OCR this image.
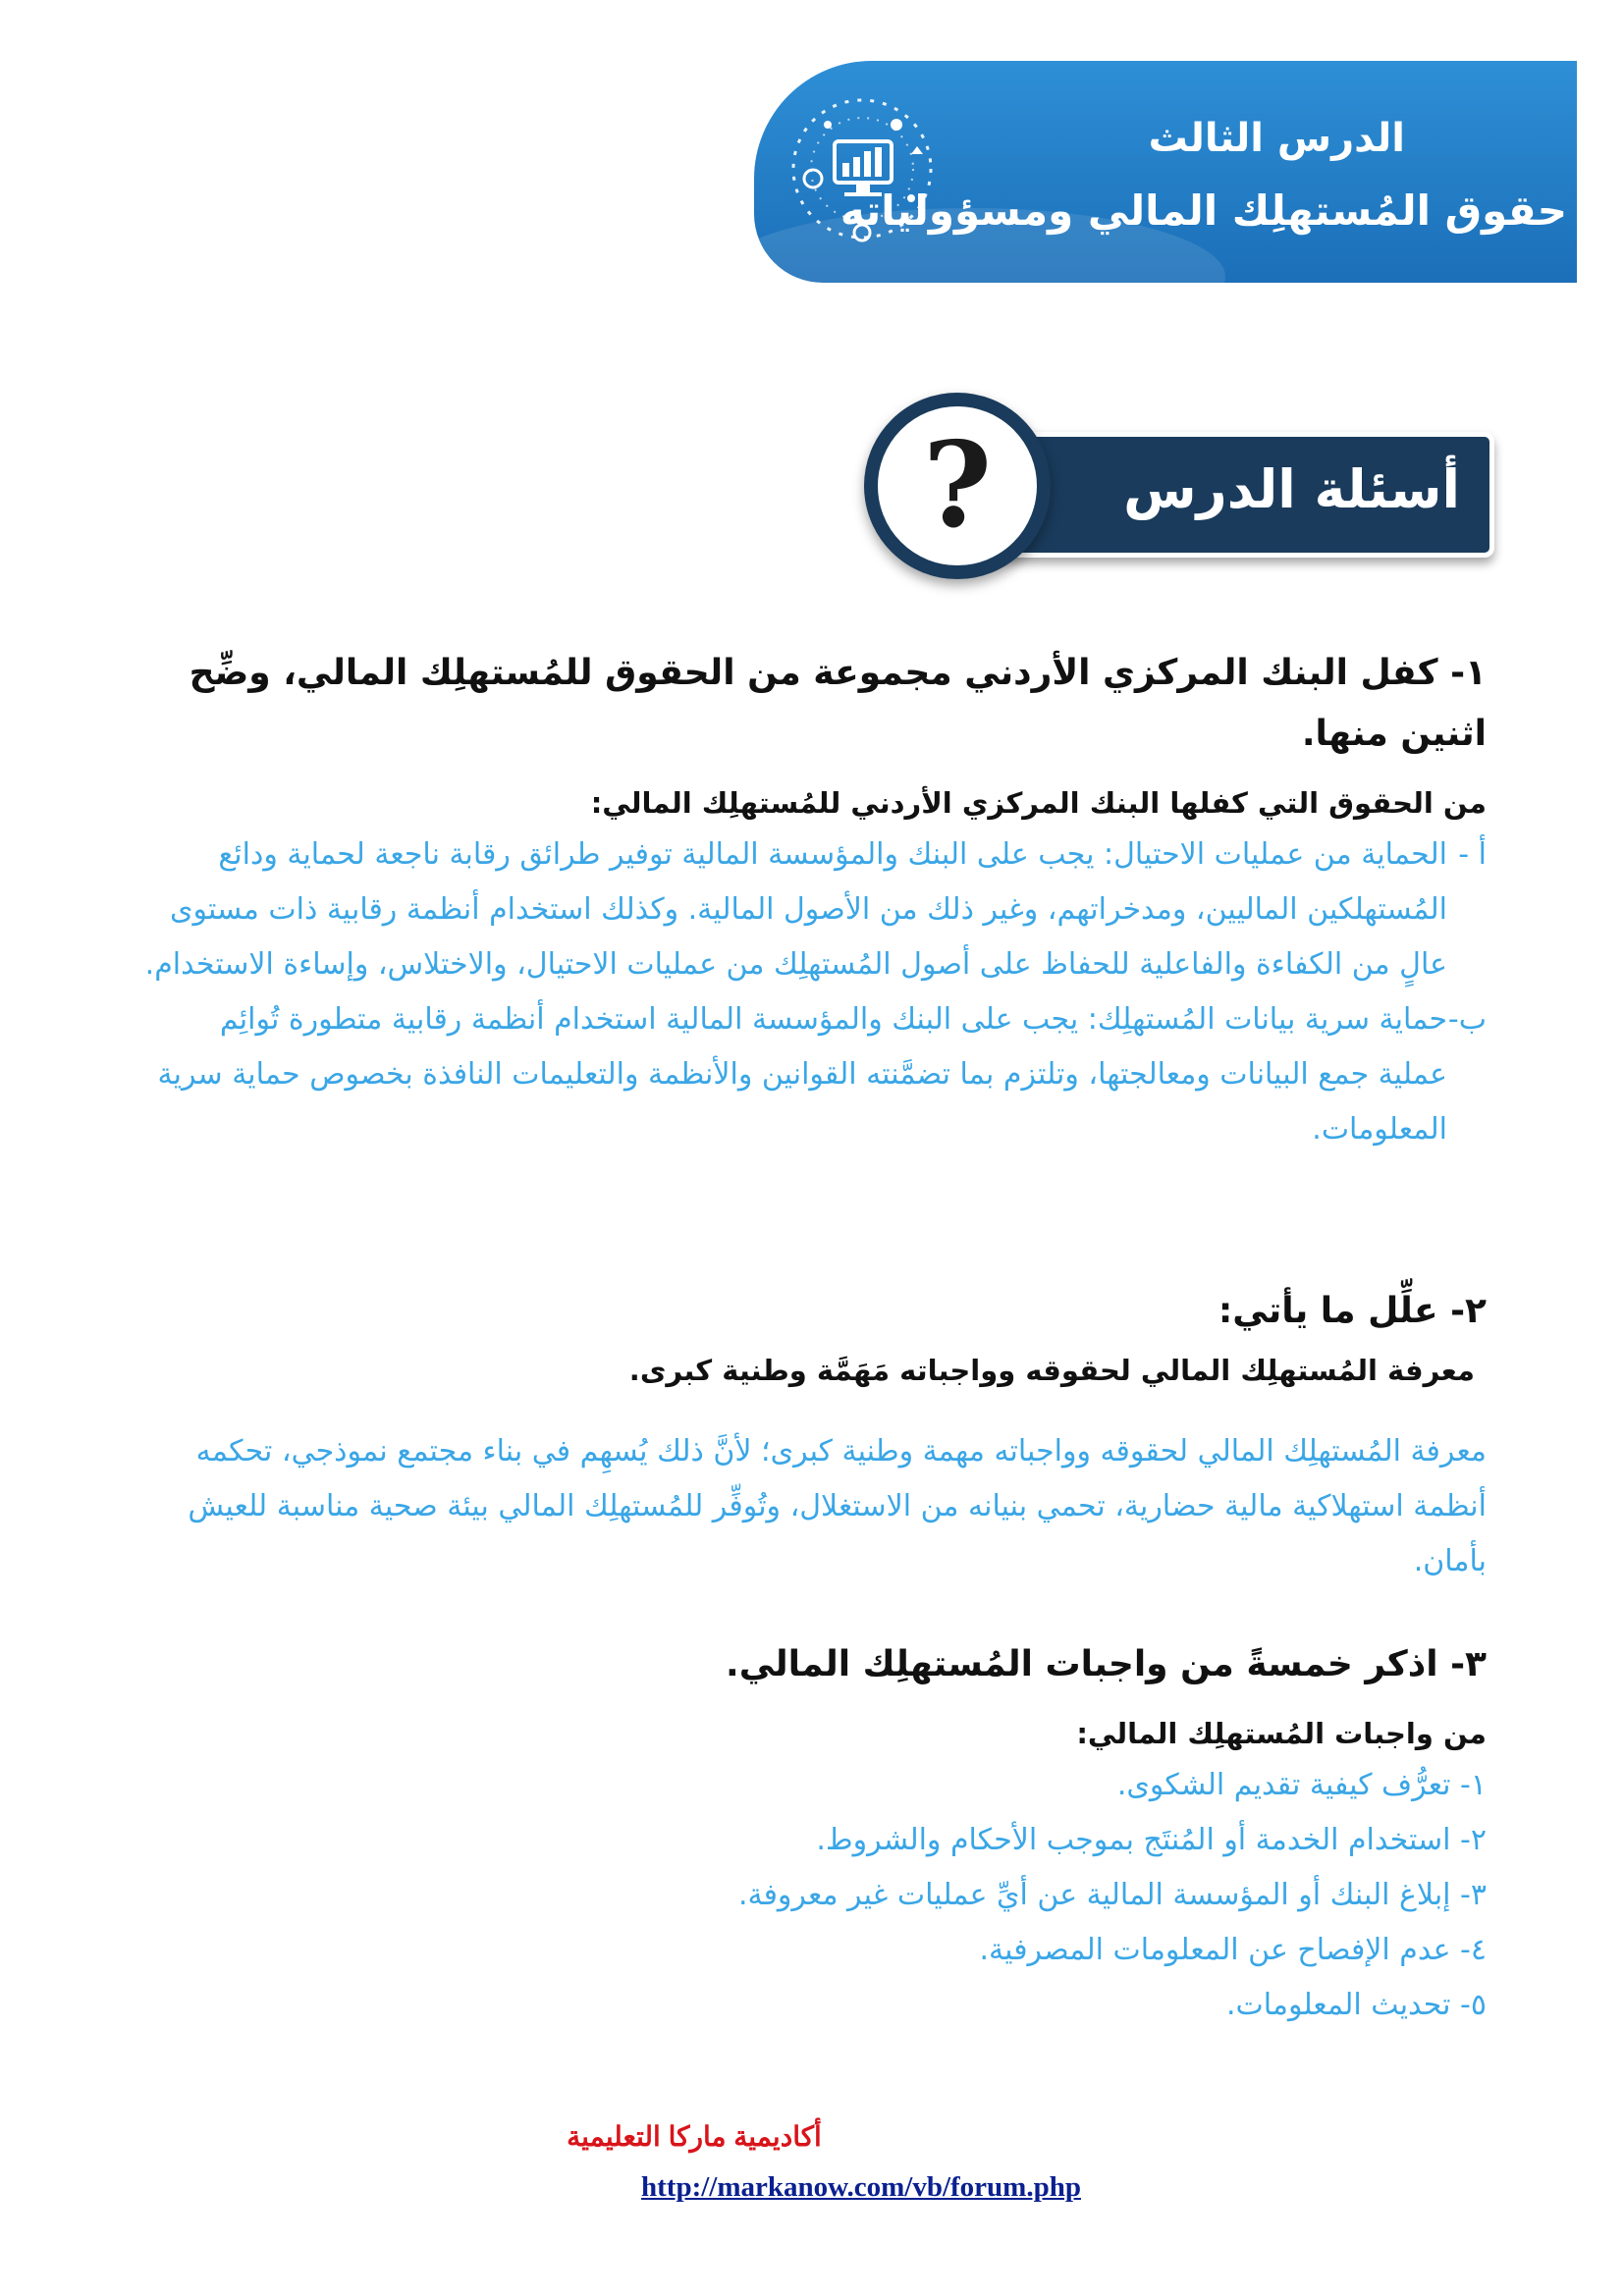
الدرس الثالث
حقوق المُستهلِك المالي ومسؤولياته
أسئلة الدرس
?

١- كفل البنك المركزي الأردني مجموعة من الحقوق للمُستهلِك المالي، وضِّح اثنين منها.

من الحقوق التي كفلها البنك المركزي الأردني للمُستهلِك المالي:

أ -

الحماية من عمليات الاحتيال: يجب على البنك والمؤسسة المالية توفير طرائق رقابة ناجعة لحماية ودائع المُستهلكين الماليين، ومدخراتهم، وغير ذلك من الأصول المالية. وكذلك استخدام أنظمة رقابية ذات مستوى عالٍ من الكفاءة والفاعلية للحفاظ على أصول المُستهلِك من عمليات الاحتيال، والاختلاس، وإساءة الاستخدام.

ب-

حماية سرية بيانات المُستهلِك: يجب على البنك والمؤسسة المالية استخدام أنظمة رقابية متطورة تُوائِم عملية جمع البيانات ومعالجتها، وتلتزم بما تضمَّنته القوانين والأنظمة والتعليمات النافذة بخصوص حماية سرية المعلومات.

٢- علِّل ما يأتي:

معرفة المُستهلِك المالي لحقوقه وواجباته مَهَمَّة وطنية كبرى.

معرفة المُستهلِك المالي لحقوقه وواجباته مهمة وطنية كبرى؛ لأنَّ ذلك يُسهِم في بناء مجتمع نموذجي، تحكمه أنظمة استهلاكية مالية حضارية، تحمي بنيانه من الاستغلال، وتُوفِّر للمُستهلِك المالي بيئة صحية مناسبة للعيش بأمان.

٣- اذكر خمسةً من واجبات المُستهلِك المالي.

من واجبات المُستهلِك المالي:

١- تعرُّف كيفية تقديم الشكوى.

٢- استخدام الخدمة أو المُنتَج بموجب الأحكام والشروط.

٣- إبلاغ البنك أو المؤسسة المالية عن أيِّ عمليات غير معروفة.

٤- عدم الإفصاح عن المعلومات المصرفية.

٥- تحديث المعلومات.

أكاديمية ماركا التعليمية
http://markanow.com/vb/forum.php
